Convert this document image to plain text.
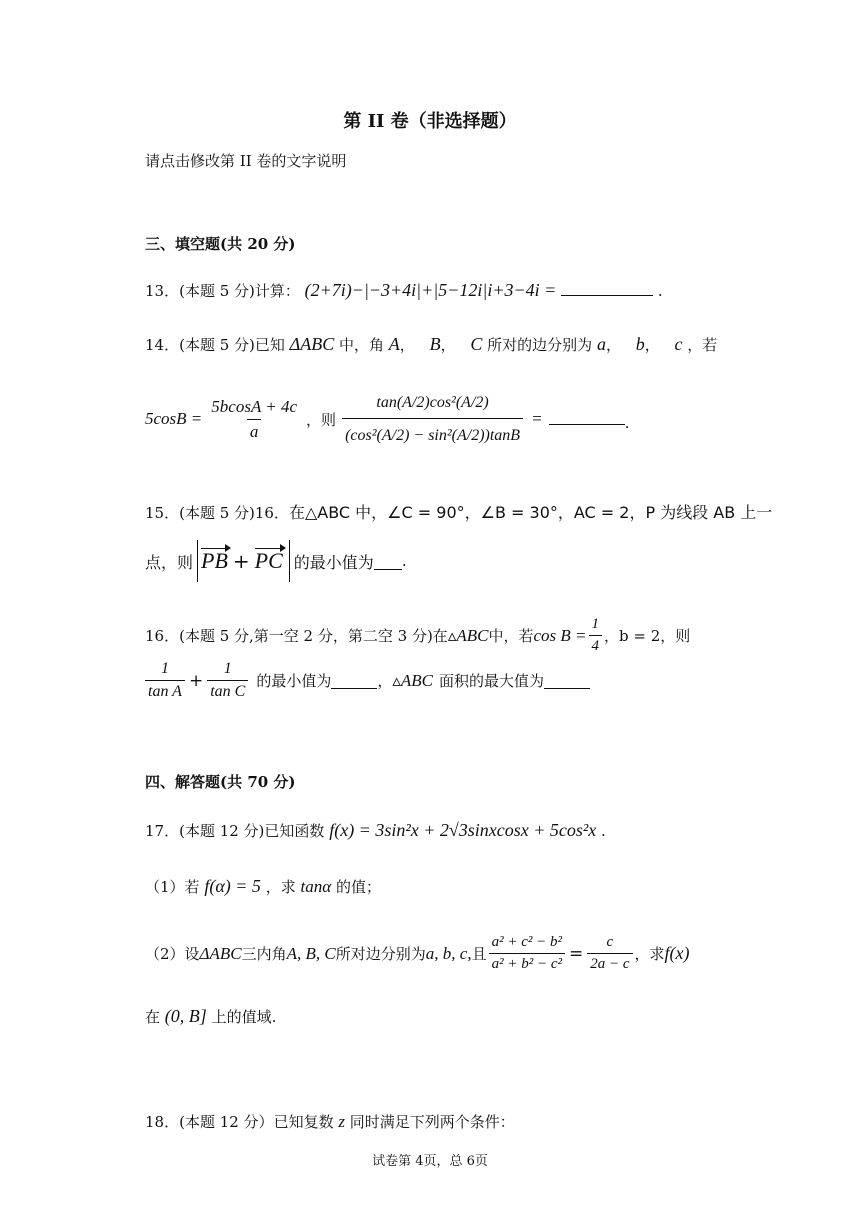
第 II 卷（非选择题）
请点击修改第 II 卷的文字说明
三、填空题(共 20 分)
13．(本题 5 分)计算： (2+7i)−|−3+4i|+|5−12i|i+3−4i =	.
14．(本题 5 分)已知 ΔABC 中，角 A， B， C 所对的边分别为 a， b， c ，若
$5\cos B = \frac{5bcosA + 4c}{a}$ ，则 $\frac{\text{tan(A/2)cos²(A/2)}}{\text{(cos²(A/2) − sin²(A/2))tanB}}$ =	.
15．(本题 5 分)16．在△ABC 中，∠C = 90°，∠B = 30°，AC = 2，P 为线段 AB 上一
点，则 PB + PC 的最小值为 .
16．(本题 5 分,第一空 2 分，第二空 3 分)在 ▵ABC 中，若 $\cos B = \frac{1}{4}$ ，b = 2，则
$\frac{1}{\text{tan A}} + \frac{1}{\text{tan C}}$ 的最小值为	， ▵ABC 面积的最大值为
四、解答题(共 70 分)
17．(本题 12 分)已知函数 f(x) = 3sin²x + 2√3sinxcosx + 5cos²x .
（1）若 f(α) = 5 ，求 tanα 的值；
（2）设 ΔABC 三内角 A, B, C 所对边分别为 a, b, c, 且 $\frac{\text{a² + c² − b²}}{\text{a² + b² − c²}} = \frac{c}{2a - c}$ ，求 f(x)
在 (0, B] 上的值域.
18．(本题 12 分）已知复数 z 同时满足下列两个条件：
试卷第 4页，总 6页
